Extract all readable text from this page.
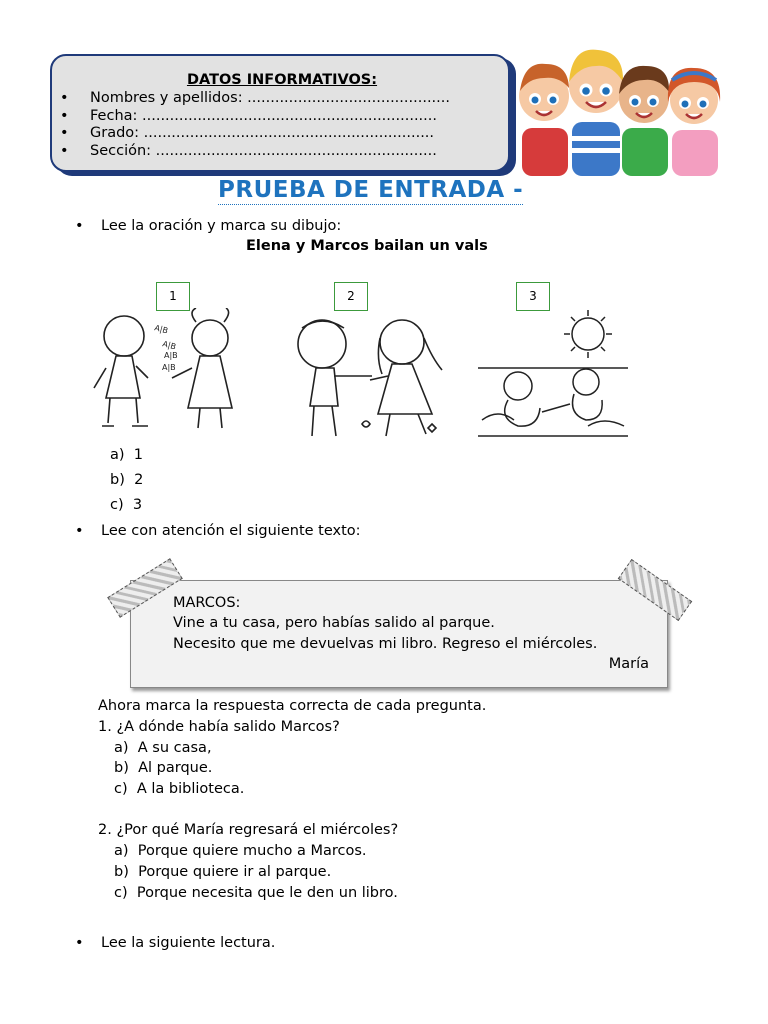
DATOS INFORMATIVOS:
• Nombres y apellidos: ............................................
• Fecha: ................................................................
• Grado: ...............................................................
• Sección: .............................................................
PRUEBA DE ENTRADA -
• Lee la oración y marca su dibujo:
Elena y Marcos bailan un vals
1	2	3
A|B
A|B
A|B
A|B
a) 1
b) 2
c) 3
• Lee con atención el siguiente texto:
MARCOS:
Vine a tu casa, pero habías salido al parque.
Necesito que me devuelvas mi libro. Regreso el miércoles.
María
Ahora marca la respuesta correcta de cada pregunta.
1. ¿A dónde había salido Marcos?
a) A su casa,
b) Al parque.
c) A la biblioteca.
2. ¿Por qué María regresará el miércoles?
a) Porque quiere mucho a Marcos.
b) Porque quiere ir al parque.
c) Porque necesita que le den un libro.
• Lee la siguiente lectura.
